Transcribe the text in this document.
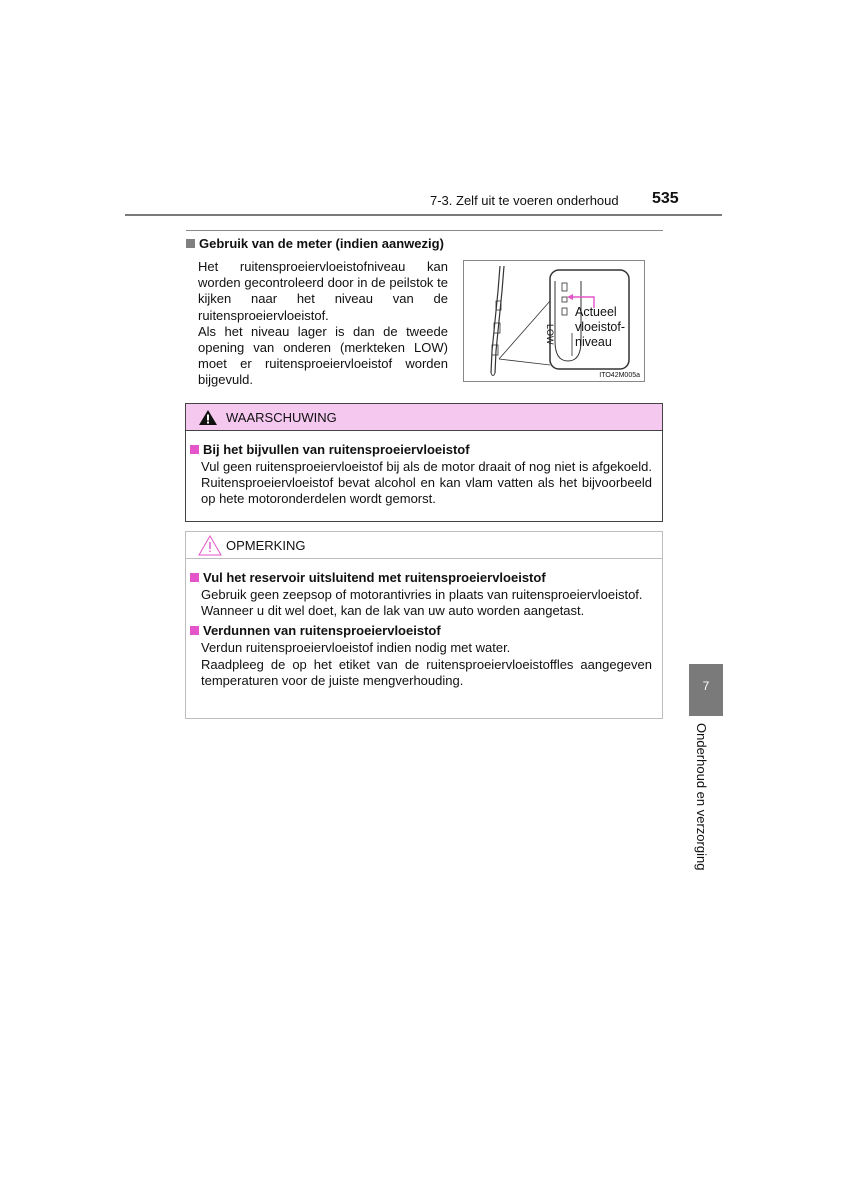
7-3. Zelf uit te voeren onderhoud 535
Gebruik van de meter (indien aanwezig)

Het ruitensproeiervloeistofniveau kan worden gecontroleerd door in de peilstok te kijken naar het niveau van de ruitensproeiervloeistof.

Als het niveau lager is dan de tweede opening van onderen (merkteken LOW) moet er ruitensproeiervloeistof worden bijgevuld.

LOW
Actueel
vloeistof-
niveau
ITO42M005a
WAARSCHUWING
Bij het bijvullen van ruitensproeiervloeistof

Vul geen ruitensproeiervloeistof bij als de motor draait of nog niet is afgekoeld. Ruitensproeiervloeistof bevat alcohol en kan vlam vatten als het bijvoorbeeld op hete motoronderdelen wordt gemorst.

OPMERKING
Vul het reservoir uitsluitend met ruitensproeiervloeistof

Gebruik geen zeepsop of motorantivries in plaats van ruitensproeiervloeistof.

Wanneer u dit wel doet, kan de lak van uw auto worden aangetast.

Verdunnen van ruitensproeiervloeistof

Verdun ruitensproeiervloeistof indien nodig met water.

Raadpleeg de op het etiket van de ruitensproeiervloeistoffles aangegeven temperaturen voor de juiste mengverhouding.	7
Onderhoud en verzorging
